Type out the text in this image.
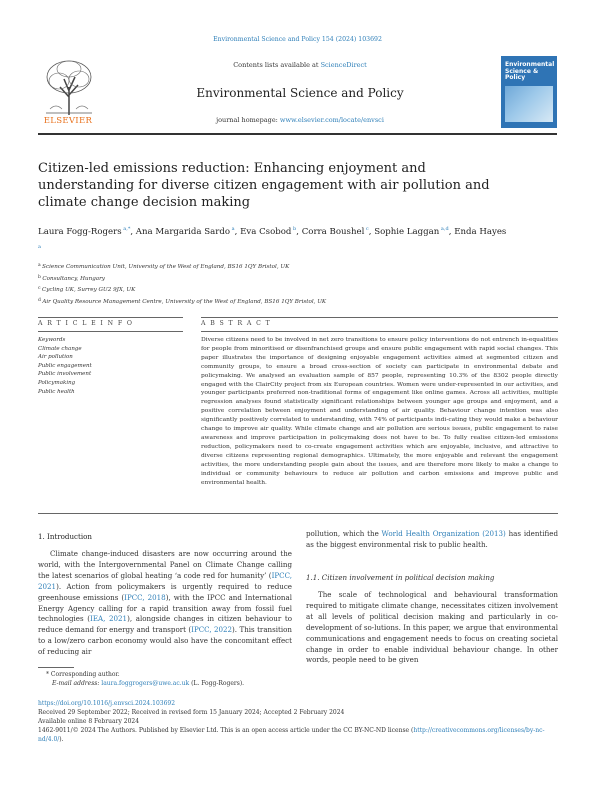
Environmental Science and Policy 154 (2024) 103692
ELSEVIER
Contents lists available at ScienceDirect
Environmental Science and Policy
journal homepage: www.elsevier.com/locate/envsci
Environmental Science & Policy
Citizen-led emissions reduction: Enhancing enjoyment and understanding for diverse citizen engagement with air pollution and climate change decision making
Laura Fogg-Rogers $^{a,*}$, Ana Margarida Sardo $^a$, Eva Csobod $^b$, Corra Boushel $^c$, Sophie Laggan $^{a,d}$, Enda Hayes $^a$
$^a$ Science Communication Unit, University of the West of England, BS16 1QY Bristol, UK
$^b$ Consultancy, Hungary
$^c$ Cycling UK, Surrey GU2 9JX, UK
$^d$ Air Quality Resource Management Centre, University of the West of England, BS16 1QY Bristol, UK
A R T I C L E I N F O	A B S T R A C T
Keywords
Climate change
Air pollution
Public engagement
Public involvement
Policymaking
Public health
Diverse citizens need to be involved in net zero transitions to ensure policy interventions do not entrench in-equalities for people from minoritised or disenfranchised groups and ensure public engagement with rapid social changes. This paper illustrates the importance of designing enjoyable engagement activities aimed at segmented citizen and community groups, to ensure a broad cross-section of society can participate in environmental debate and policymaking. We analysed an evaluation sample of 857 people, representing 10.3% of the 8302 people directly engaged with the ClairCity project from six European countries. Women were under-represented in our activities, and younger participants preferred non-traditional forms of engagement like online games. Across all activities, multiple regression analyses found statistically significant relationships between younger age groups and enjoyment, and a positive correlation between enjoyment and understanding of air quality. Behaviour change intention was also significantly positively correlated to understanding, with 74% of participants indi-cating they would make a behaviour change to improve air quality. While climate change and air pollution are serious issues, public engagement to raise awareness and improve participation in policymaking does not have to be. To fully realise citizen-led emissions reduction, policymakers need to co-create engagement activities which are enjoyable, inclusive, and attractive to diverse citizens representing regional demographics. Ultimately, the more enjoyable and relevant the engagement activities, the more understanding people gain about the issues, and are therefore more likely to make a change to individual or community behaviours to reduce air pollution and carbon emissions and improve public and environmental health.
1. Introduction
Climate change-induced disasters are now occurring around the world, with the Intergovernmental Panel on Climate Change calling the latest scenarios of global heating ‘a code red for humanity’ (IPCC, 2021). Action from policymakers is urgently required to reduce greenhouse emissions (IPCC, 2018), with the IPCC and International Energy Agency calling for a rapid transition away from fossil fuel technologies (IEA, 2021), alongside changes in citizen behaviour to reduce demand for energy and transport (IPCC, 2022). This transition to a low/zero carbon economy would also have the concomitant effect of reducing air
pollution, which the World Health Organization (2013) has identified as the biggest environmental risk to public health.
1.1. Citizen involvement in political decision making
The scale of technological and behavioural transformation required to mitigate climate change, necessitates citizen involvement at all levels of political decision making and particularly in co-development of so-lutions. In this paper, we argue that environmental communications and engagement needs to focus on creating societal change in order to enable individual behaviour change. In other words, people need to be given
* Corresponding author.
E-mail address: laura.foggrogers@uwe.ac.uk (L. Fogg-Rogers).
https://doi.org/10.1016/j.envsci.2024.103692
Received 29 September 2022; Received in revised form 15 January 2024; Accepted 2 February 2024
Available online 8 February 2024
1462-9011/© 2024 The Authors. Published by Elsevier Ltd. This is an open access article under the CC BY-NC-ND license (http://creativecommons.org/licenses/by-nc-nd/4.0/).
